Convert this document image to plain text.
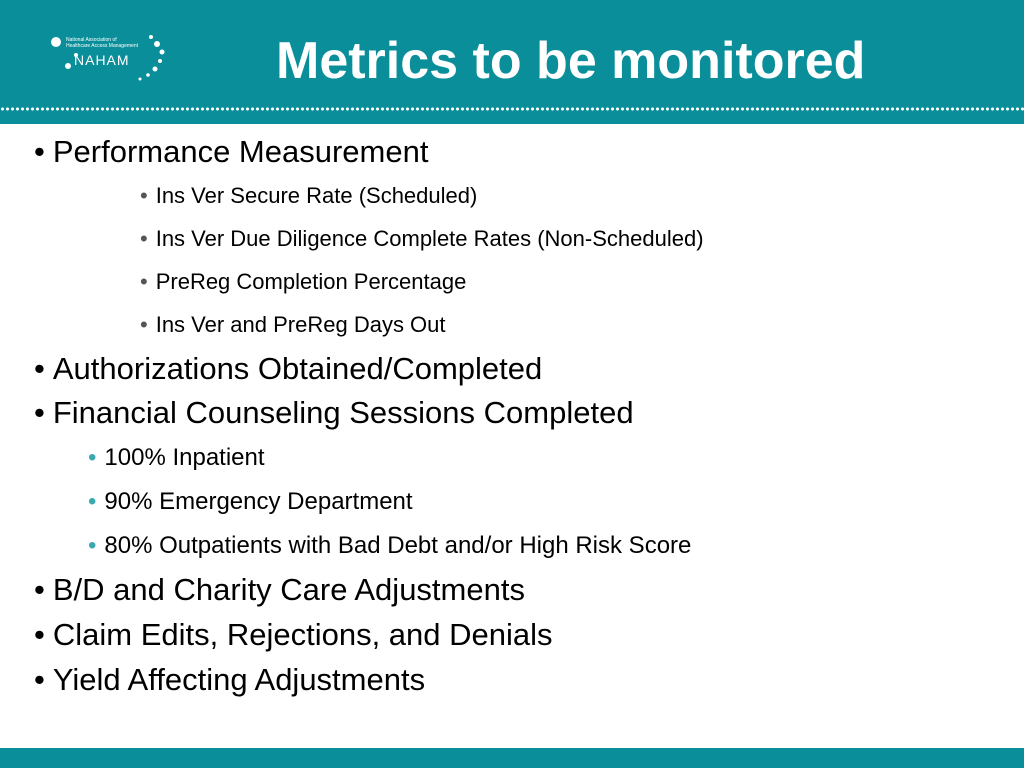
National Association of
Healthcare Access Management
NAHAM	Metrics to be monitored
• Performance Measurement
• Ins Ver Secure Rate (Scheduled)
• Ins Ver Due Diligence Complete Rates (Non-Scheduled)
• PreReg Completion Percentage
• Ins Ver and PreReg Days Out
• Authorizations Obtained/Completed
• Financial Counseling Sessions Completed
• 100% Inpatient
• 90% Emergency Department
• 80% Outpatients with Bad Debt and/or High Risk Score
• B/D and Charity Care Adjustments
• Claim Edits, Rejections, and Denials
• Yield Affecting Adjustments
